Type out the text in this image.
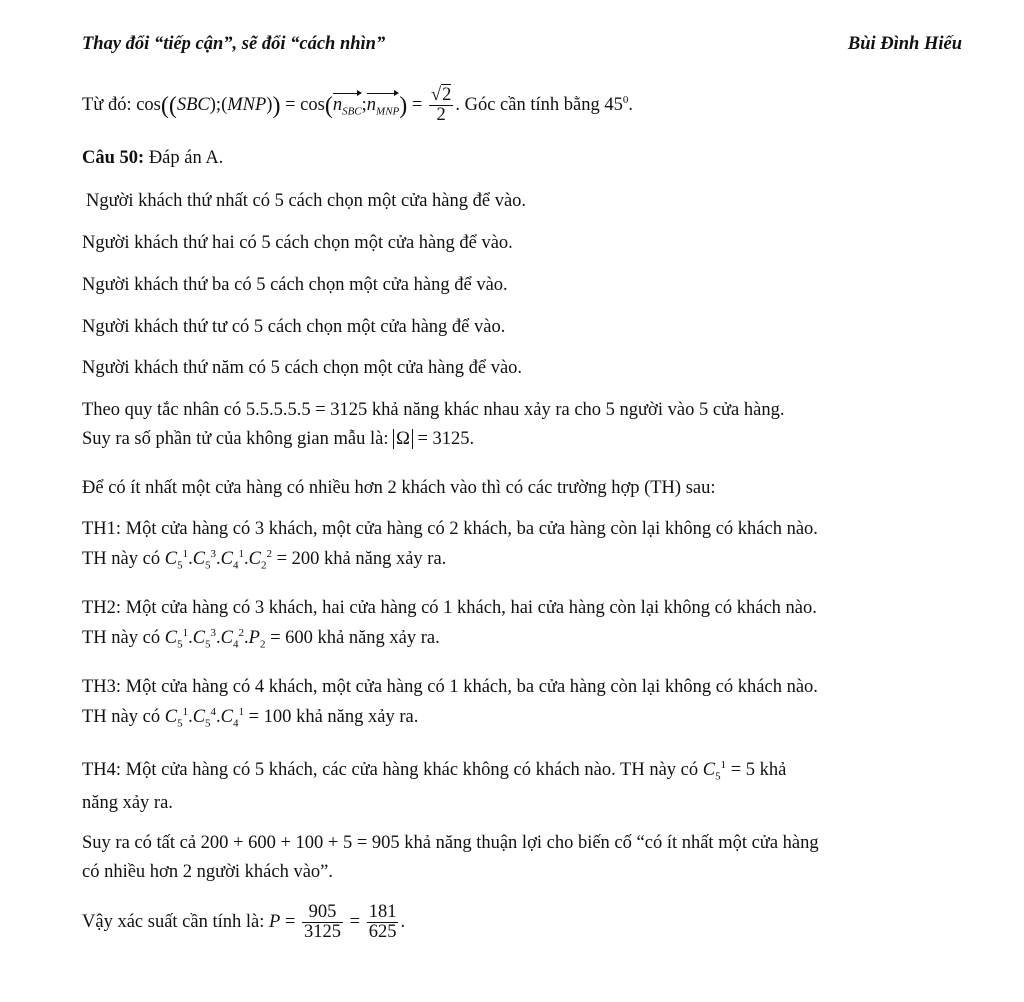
Thay đổi “tiếp cận”, sẽ đổi “cách nhìn”	Bùi Đình Hiếu
Từ đó: cos((SBC);(MNP)) = $\cos(n_{SBC};n_{MNP}) = \frac{√2}{2}$ . Góc cần tính bằng $45^0$.
Câu 50: Đáp án A.
Người khách thứ nhất có 5 cách chọn một cửa hàng để vào.
Người khách thứ hai có 5 cách chọn một cửa hàng để vào.
Người khách thứ ba có 5 cách chọn một cửa hàng để vào.
Người khách thứ tư có 5 cách chọn một cửa hàng để vào.
Người khách thứ năm có 5 cách chọn một cửa hàng để vào.
Theo quy tắc nhân có 5.5.5.5.5 = 3125 khả năng khác nhau xảy ra cho 5 người vào 5 cửa hàng.
Suy ra số phần tử của không gian mẫu là: Ω = 3125.
Để có ít nhất một cửa hàng có nhiều hơn 2 khách vào thì có các trường hợp (TH) sau:
TH1: Một cửa hàng có 3 khách, một cửa hàng có 2 khách, ba cửa hàng còn lại không có khách nào.
TH này có $C_5^1.C_5^3.C_4^1.C_2^2 = 200$ khả năng xảy ra.
TH2: Một cửa hàng có 3 khách, hai cửa hàng có 1 khách, hai cửa hàng còn lại không có khách nào.
TH này có $C_5^1.C_5^3.C_4^2.P_2 = 600$ khả năng xảy ra.
TH3: Một cửa hàng có 4 khách, một cửa hàng có 1 khách, ba cửa hàng còn lại không có khách nào.
TH này có $C_5^1.C_5^4.C_4^1 = 100$ khả năng xảy ra.
TH4: Một cửa hàng có 5 khách, các cửa hàng khác không có khách nào. TH này có $C_5^1 = 5$ khả
năng xảy ra.
Suy ra có tất cả 200 + 600 + 100 + 5 = 905 khả năng thuận lợi cho biến cố “có ít nhất một cửa hàng
có nhiều hơn 2 người khách vào”.
Vậy xác suất cần tính là: $P = \frac{905}{3125} = \frac{181}{625}$ .
